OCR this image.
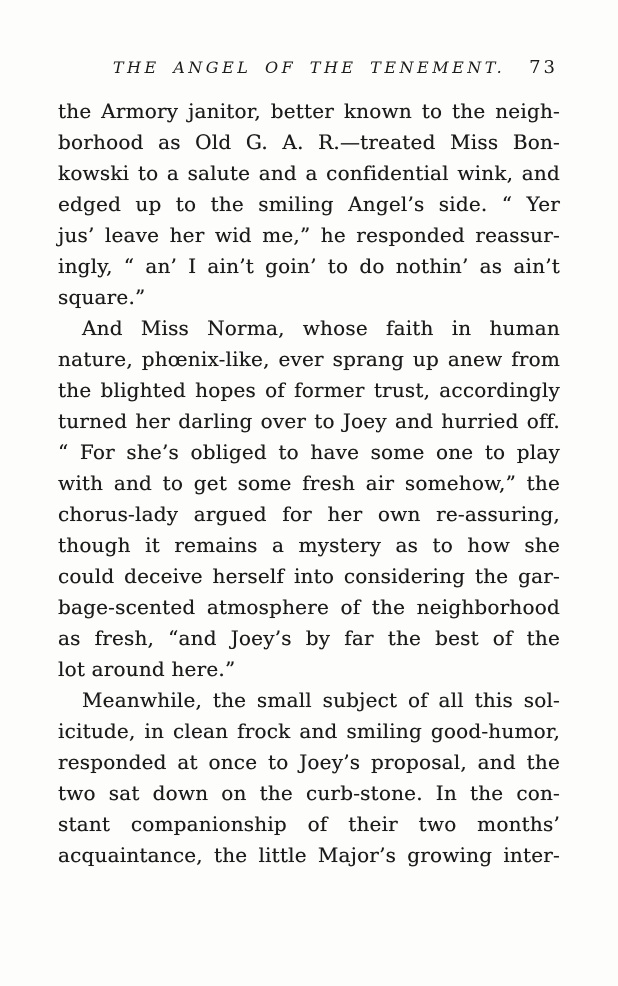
THE ANGEL OF THE TENEMENT. 73

the Armory janitor, better known to the neigh-
borhood as Old G. A. R.—treated Miss Bon-
kowski to a salute and a confidential wink, and
edged up to the smiling Angel’s side. “ Yer
jus’ leave her wid me,” he responded reassur-
ingly, “ an’ I ain’t goin’ to do nothin’ as ain’t
square.”

And Miss Norma, whose faith in human
nature, phœnix-like, ever sprang up anew from
the blighted hopes of former trust, accordingly
turned her darling over to Joey and hurried off.
“ For she’s obliged to have some one to play
with and to get some fresh air somehow,” the
chorus-lady argued for her own re-assuring,
though it remains a mystery as to how she
could deceive herself into considering the gar-
bage-scented atmosphere of the neighborhood
as fresh, “and Joey’s by far the best of the
lot around here.”

Meanwhile, the small subject of all this sol-
icitude, in clean frock and smiling good-humor,
responded at once to Joey’s proposal, and the
two sat down on the curb-stone. In the con-
stant companionship of their two months’
acquaintance, the little Major’s growing inter-
